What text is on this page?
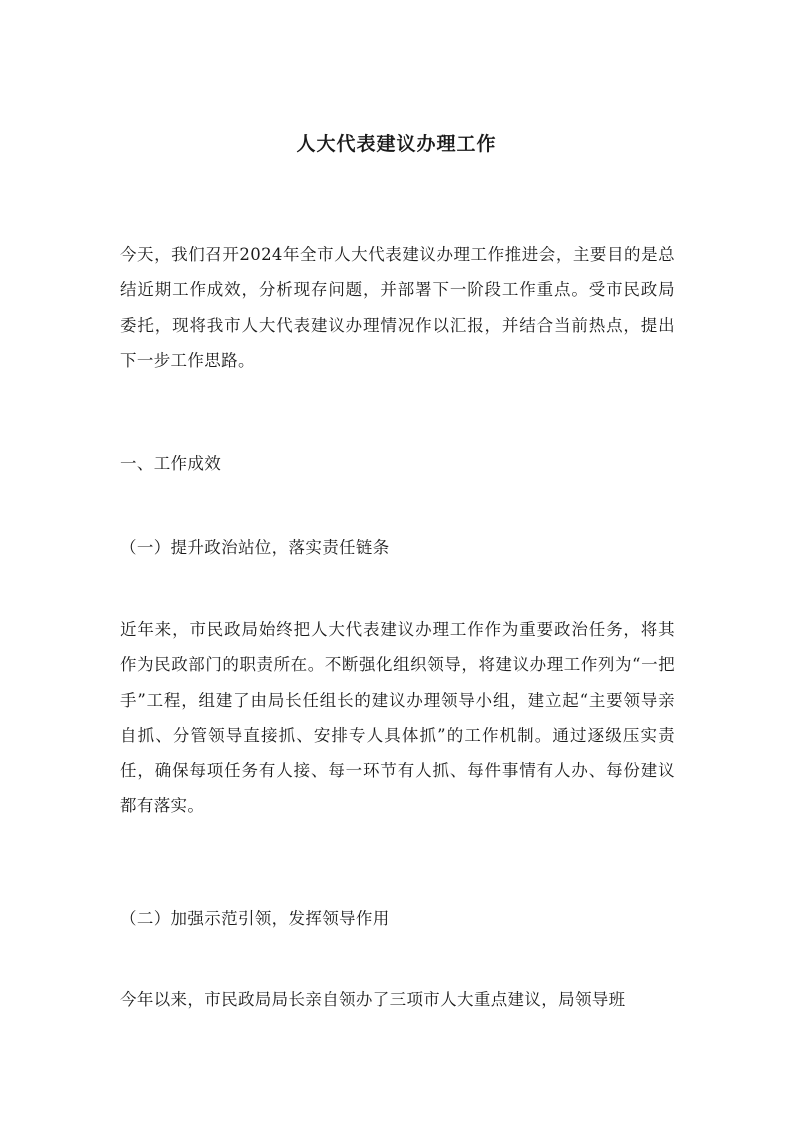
人大代表建议办理工作

今天，我们召开2024年全市人大代表建议办理工作推进会，主要目的是总结近期工作成效，分析现存问题，并部署下一阶段工作重点。受市民政局委托，现将我市人大代表建议办理情况作以汇报，并结合当前热点，提出下一步工作思路。

一、工作成效

（一）提升政治站位，落实责任链条

近年来，市民政局始终把人大代表建议办理工作作为重要政治任务，将其作为民政部门的职责所在。不断强化组织领导，将建议办理工作列为“一把手”工程，组建了由局长任组长的建议办理领导小组，建立起“主要领导亲自抓、分管领导直接抓、安排专人具体抓”的工作机制。通过逐级压实责任，确保每项任务有人接、每一环节有人抓、每件事情有人办、每份建议都有落实。

（二）加强示范引领，发挥领导作用

今年以来，市民政局局长亲自领办了三项市人大重点建议，局领导班
